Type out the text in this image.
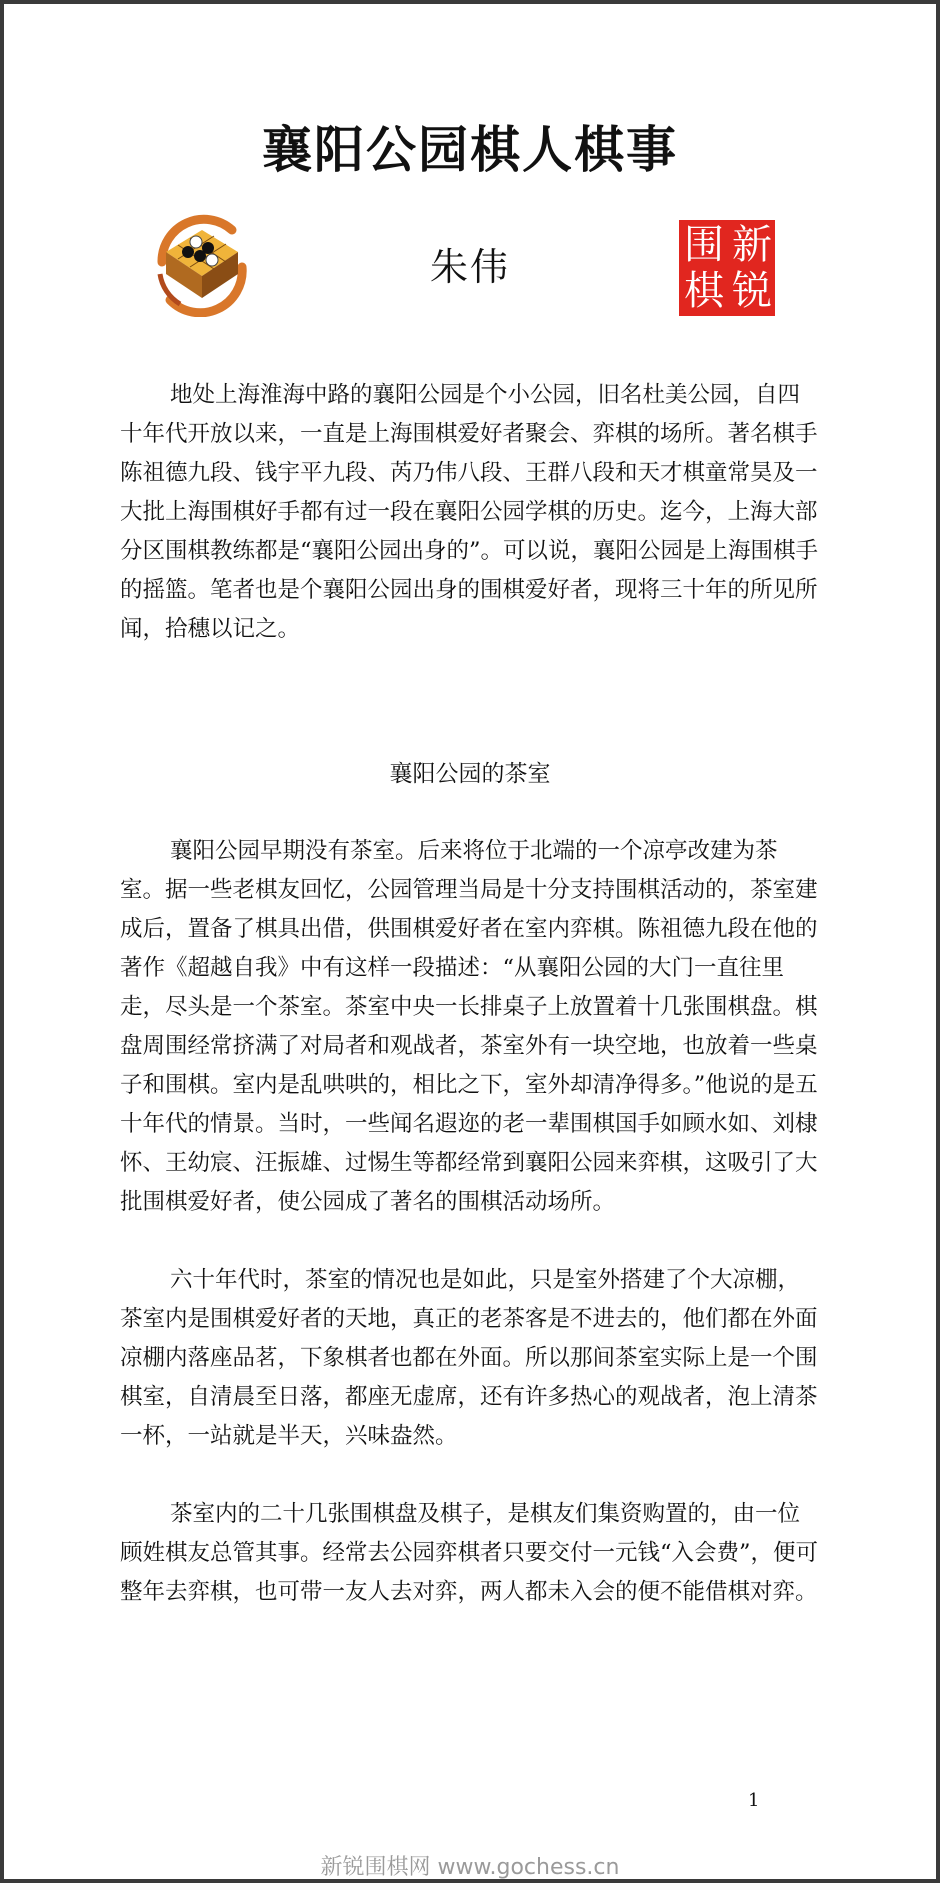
襄阳公园棋人棋事
朱伟	新
锐
围
棋

地处上海淮海中路的襄阳公园是个小公园，旧名杜美公园，自四十年代开放以来，一直是上海围棋爱好者聚会、弈棋的场所。著名棋手陈祖德九段、钱宇平九段、芮乃伟八段、王群八段和天才棋童常昊及一大批上海围棋好手都有过一段在襄阳公园学棋的历史。迄今，上海大部分区围棋教练都是“襄阳公园出身的”。可以说，襄阳公园是上海围棋手的摇篮。笔者也是个襄阳公园出身的围棋爱好者，现将三十年的所见所闻，拾穗以记之。

襄阳公园的茶室

襄阳公园早期没有茶室。后来将位于北端的一个凉亭改建为茶室。据一些老棋友回忆，公园管理当局是十分支持围棋活动的，茶室建成后，置备了棋具出借，供围棋爱好者在室内弈棋。陈祖德九段在他的著作《超越自我》中有这样一段描述：“从襄阳公园的大门一直往里走，尽头是一个茶室。茶室中央一长排桌子上放置着十几张围棋盘。棋盘周围经常挤满了对局者和观战者，茶室外有一块空地，也放着一些桌子和围棋。室内是乱哄哄的，相比之下，室外却清净得多。”他说的是五十年代的情景。当时，一些闻名遐迩的老一辈围棋国手如顾水如、刘棣怀、王幼宸、汪振雄、过惕生等都经常到襄阳公园来弈棋，这吸引了大批围棋爱好者，使公园成了著名的围棋活动场所。

六十年代时，茶室的情况也是如此，只是室外搭建了个大凉棚，茶室内是围棋爱好者的天地，真正的老茶客是不进去的，他们都在外面凉棚内落座品茗，下象棋者也都在外面。所以那间茶室实际上是一个围棋室，自清晨至日落，都座无虚席，还有许多热心的观战者，泡上清茶一杯，一站就是半天，兴味盎然。

茶室内的二十几张围棋盘及棋子，是棋友们集资购置的，由一位顾姓棋友总管其事。经常去公园弈棋者只要交付一元钱“入会费”，便可整年去弈棋，也可带一友人去对弈，两人都未入会的便不能借棋对弈。

1
新锐围棋网 www.gochess.cn
